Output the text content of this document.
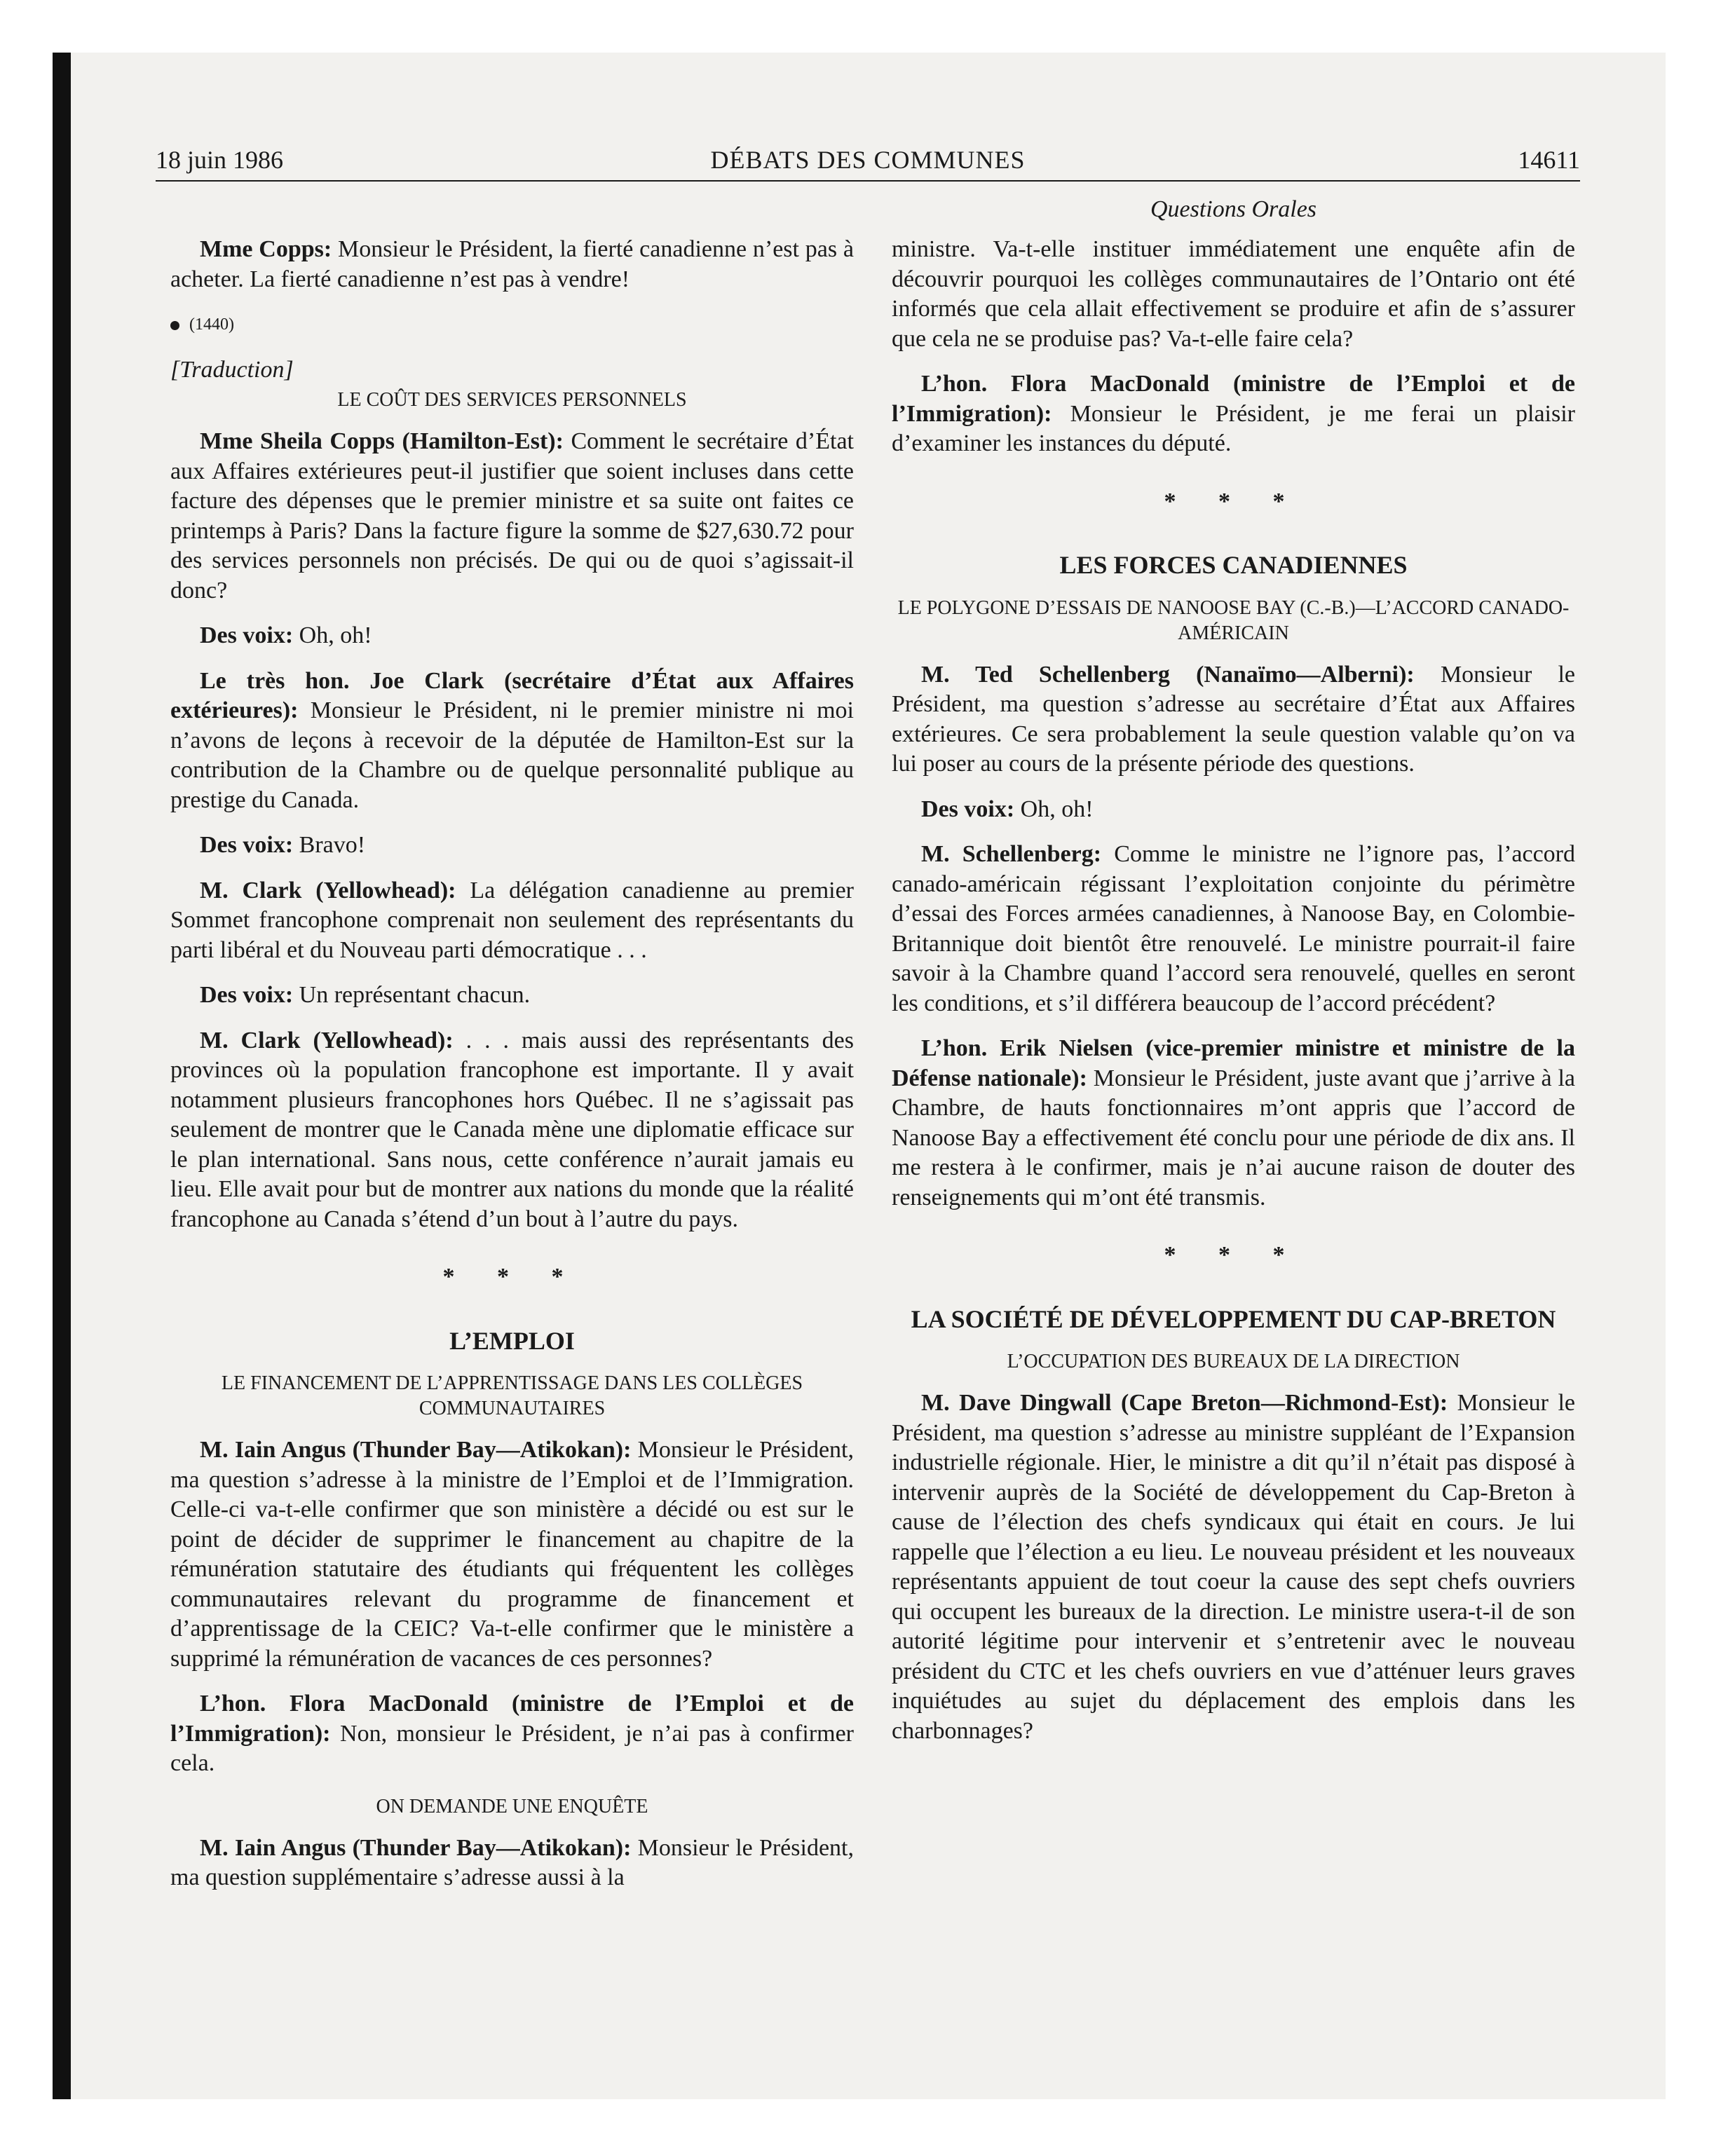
18 juin 1986	DÉBATS DES COMMUNES	14611
Questions Orales

Mme Copps: Monsieur le Président, la fierté canadienne n’est pas à acheter. La fierté canadienne n’est pas à vendre!

(1440)
[Traduction]
LE COÛT DES SERVICES PERSONNELS

Mme Sheila Copps (Hamilton-Est): Comment le secrétaire d’État aux Affaires extérieures peut-il justifier que soient incluses dans cette facture des dépenses que le premier ministre et sa suite ont faites ce printemps à Paris? Dans la facture figure la somme de $27,630.72 pour des services personnels non précisés. De qui ou de quoi s’agissait-il donc?

Des voix: Oh, oh!

Le très hon. Joe Clark (secrétaire d’État aux Affaires extérieures): Monsieur le Président, ni le premier ministre ni moi n’avons de leçons à recevoir de la députée de Hamilton-Est sur la contribution de la Chambre ou de quelque personnalité publique au prestige du Canada.

Des voix: Bravo!

M. Clark (Yellowhead): La délégation canadienne au premier Sommet francophone comprenait non seulement des représentants du parti libéral et du Nouveau parti démocratique . . .

Des voix: Un représentant chacun.

M. Clark (Yellowhead): . . . mais aussi des représentants des provinces où la population francophone est importante. Il y avait notamment plusieurs francophones hors Québec. Il ne s’agissait pas seulement de montrer que le Canada mène une diplomatie efficace sur le plan international. Sans nous, cette conférence n’aurait jamais eu lieu. Elle avait pour but de montrer aux nations du monde que la réalité francophone au Canada s’étend d’un bout à l’autre du pays.

* * *
L’EMPLOI
LE FINANCEMENT DE L’APPRENTISSAGE DANS LES COLLÈGES COMMUNAUTAIRES

M. Iain Angus (Thunder Bay—Atikokan): Monsieur le Président, ma question s’adresse à la ministre de l’Emploi et de l’Immigration. Celle-ci va-t-elle confirmer que son ministère a décidé ou est sur le point de décider de supprimer le financement au chapitre de la rémunération statutaire des étudiants qui fréquentent les collèges communautaires relevant du programme de financement et d’apprentissage de la CEIC? Va-t-elle confirmer que le ministère a supprimé la rémunération de vacances de ces personnes?

L’hon. Flora MacDonald (ministre de l’Emploi et de l’Immigration): Non, monsieur le Président, je n’ai pas à confirmer cela.

ON DEMANDE UNE ENQUÊTE

M. Iain Angus (Thunder Bay—Atikokan): Monsieur le Président, ma question supplémentaire s’adresse aussi à la

ministre. Va-t-elle instituer immédiatement une enquête afin de découvrir pourquoi les collèges communautaires de l’Ontario ont été informés que cela allait effectivement se produire et afin de s’assurer que cela ne se produise pas? Va-t-elle faire cela?

L’hon. Flora MacDonald (ministre de l’Emploi et de l’Immigration): Monsieur le Président, je me ferai un plaisir d’examiner les instances du député.

* * *
LES FORCES CANADIENNES
LE POLYGONE D’ESSAIS DE NANOOSE BAY (C.-B.)—L’ACCORD CANADO-AMÉRICAIN

M. Ted Schellenberg (Nanaïmo—Alberni): Monsieur le Président, ma question s’adresse au secrétaire d’État aux Affaires extérieures. Ce sera probablement la seule question valable qu’on va lui poser au cours de la présente période des questions.

Des voix: Oh, oh!

M. Schellenberg: Comme le ministre ne l’ignore pas, l’accord canado-américain régissant l’exploitation conjointe du périmètre d’essai des Forces armées canadiennes, à Nanoose Bay, en Colombie-Britannique doit bientôt être renouvelé. Le ministre pourrait-il faire savoir à la Chambre quand l’accord sera renouvelé, quelles en seront les conditions, et s’il différera beaucoup de l’accord précédent?

L’hon. Erik Nielsen (vice-premier ministre et ministre de la Défense nationale): Monsieur le Président, juste avant que j’arrive à la Chambre, de hauts fonctionnaires m’ont appris que l’accord de Nanoose Bay a effectivement été conclu pour une période de dix ans. Il me restera à le confirmer, mais je n’ai aucune raison de douter des renseignements qui m’ont été transmis.

* * *
LA SOCIÉTÉ DE DÉVELOPPEMENT DU CAP-BRETON
L’OCCUPATION DES BUREAUX DE LA DIRECTION

M. Dave Dingwall (Cape Breton—Richmond-Est): Monsieur le Président, ma question s’adresse au ministre suppléant de l’Expansion industrielle régionale. Hier, le ministre a dit qu’il n’était pas disposé à intervenir auprès de la Société de développement du Cap-Breton à cause de l’élection des chefs syndicaux qui était en cours. Je lui rappelle que l’élection a eu lieu. Le nouveau président et les nouveaux représentants appuient de tout coeur la cause des sept chefs ouvriers qui occupent les bureaux de la direction. Le ministre usera-t-il de son autorité légitime pour intervenir et s’entretenir avec le nouveau président du CTC et les chefs ouvriers en vue d’atténuer leurs graves inquiétudes au sujet du déplacement des emplois dans les charbonnages?
